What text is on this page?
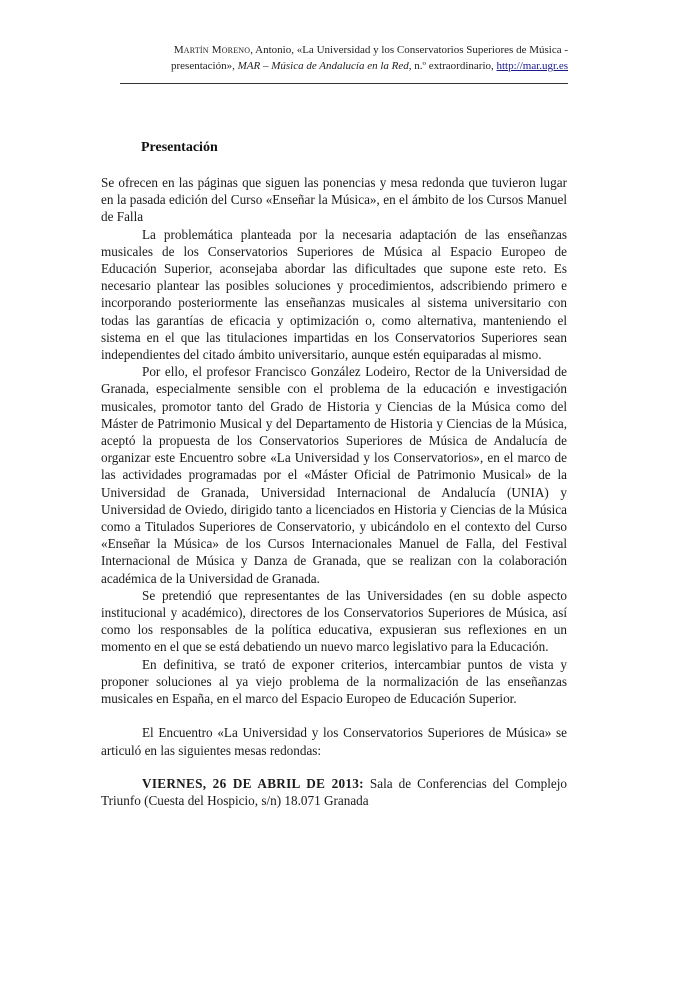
Martín Moreno, Antonio, «La Universidad y los Conservatorios Superiores de Música -
presentación», MAR – Música de Andalucía en la Red, n.º extraordinario, http://mar.ugr.es
Presentación

Se ofrecen en las páginas que siguen las ponencias y mesa redonda que tuvieron lugar en la pasada edición del Curso «Enseñar la Música», en el ámbito de los Cursos Manuel de Falla

La problemática planteada por la necesaria adaptación de las enseñanzas musicales de los Conservatorios Superiores de Música al Espacio Europeo de Educación Superior, aconsejaba abordar las dificultades que supone este reto. Es necesario plantear las posibles soluciones y procedimientos, adscribiendo primero e incorporando posteriormente las enseñanzas musicales al sistema universitario con todas las garantías de eficacia y optimización o, como alternativa, manteniendo el sistema en el que las titulaciones impartidas en los Conservatorios Superiores sean independientes del citado ámbito universitario, aunque estén equiparadas al mismo.

Por ello, el profesor Francisco González Lodeiro, Rector de la Universidad de Granada, especialmente sensible con el problema de la educación e investigación musicales, promotor tanto del Grado de Historia y Ciencias de la Música como del Máster de Patrimonio Musical y del Departamento de Historia y Ciencias de la Música, aceptó la propuesta de los Conservatorios Superiores de Música de Andalucía de organizar este Encuentro sobre «La Universidad y los Conservatorios», en el marco de las actividades programadas por el «Máster Oficial de Patrimonio Musical» de la Universidad de Granada, Universidad Internacional de Andalucía (UNIA) y Universidad de Oviedo, dirigido tanto a licenciados en Historia y Ciencias de la Música como a Titulados Superiores de Conservatorio, y ubicándolo en el contexto del Curso «Enseñar la Música» de los Cursos Internacionales Manuel de Falla, del Festival Internacional de Música y Danza de Granada, que se realizan con la colaboración académica de la Universidad de Granada.

Se pretendió que representantes de las Universidades (en su doble aspecto institucional y académico), directores de los Conservatorios Superiores de Música, así como los responsables de la política educativa, expusieran sus reflexiones en un momento en el que se está debatiendo un nuevo marco legislativo para la Educación.

En definitiva, se trató de exponer criterios, intercambiar puntos de vista y proponer soluciones al ya viejo problema de la normalización de las enseñanzas musicales en España, en el marco del Espacio Europeo de Educación Superior.

El Encuentro «La Universidad y los Conservatorios Superiores de Música» se articuló en las siguientes mesas redondas:

VIERNES, 26 DE ABRIL DE 2013: Sala de Conferencias del Complejo Triunfo (Cuesta del Hospicio, s/n) 18.071 Granada
